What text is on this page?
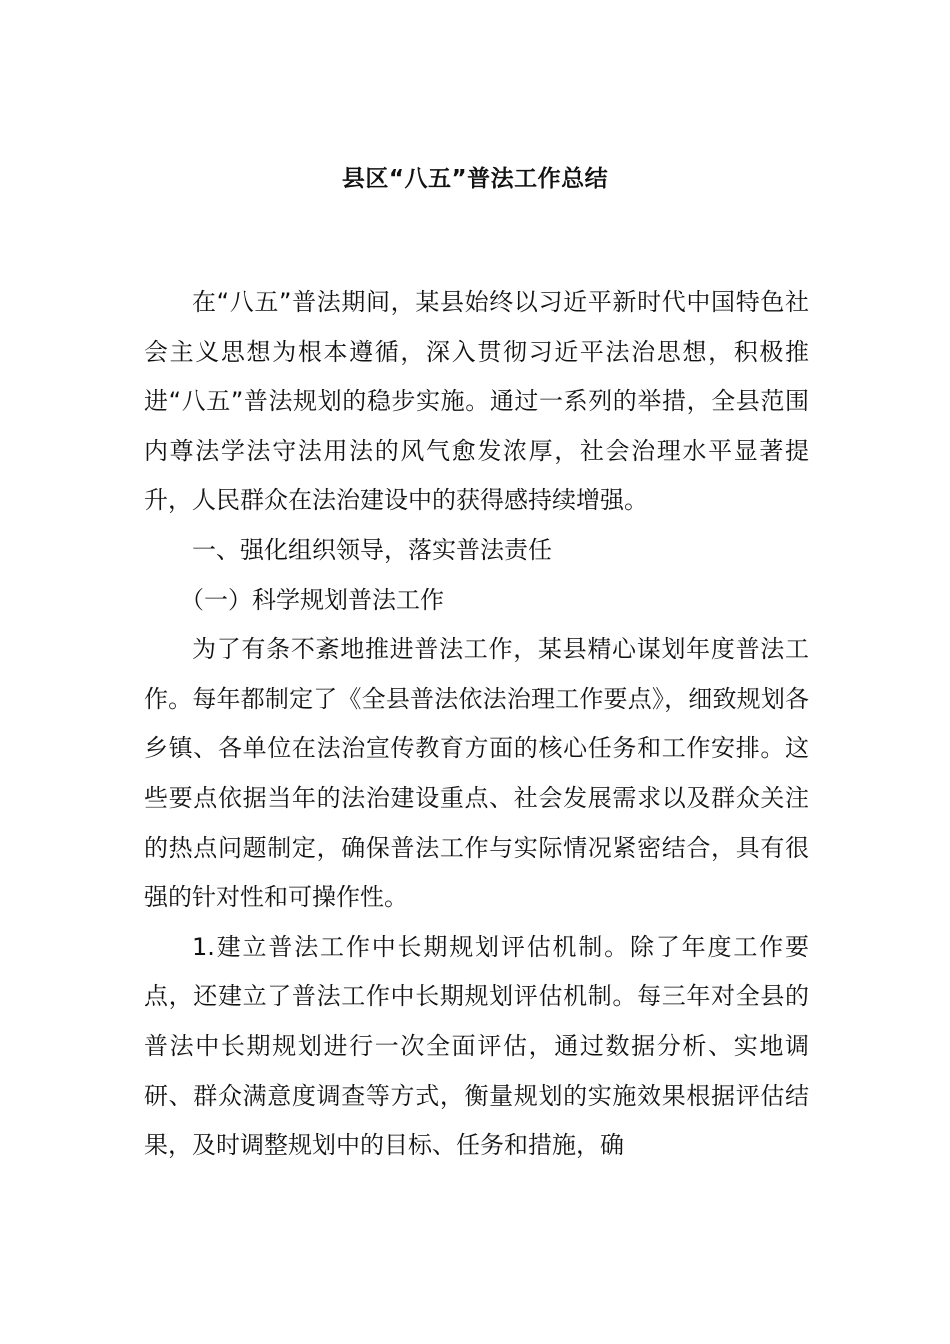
县区“八五”普法工作总结

在“八五”普法期间，某县始终以习近平新时代中国特色社会主义思想为根本遵循，深入贯彻习近平法治思想，积极推进“八五”普法规划的稳步实施。通过一系列的举措，全县范围内尊法学法守法用法的风气愈发浓厚，社会治理水平显著提升，人民群众在法治建设中的获得感持续增强。

一、强化组织领导，落实普法责任

（一）科学规划普法工作

为了有条不紊地推进普法工作，某县精心谋划年度普法工作。每年都制定了《全县普法依法治理工作要点》，细致规划各乡镇、各单位在法治宣传教育方面的核心任务和工作安排。这些要点依据当年的法治建设重点、社会发展需求以及群众关注的热点问题制定，确保普法工作与实际情况紧密结合，具有很强的针对性和可操作性。

1.建立普法工作中长期规划评估机制。除了年度工作要点，还建立了普法工作中长期规划评估机制。每三年对全县的普法中长期规划进行一次全面评估，通过数据分析、实地调研、群众满意度调查等方式，衡量规划的实施效果根据评估结果，及时调整规划中的目标、任务和措施，确
